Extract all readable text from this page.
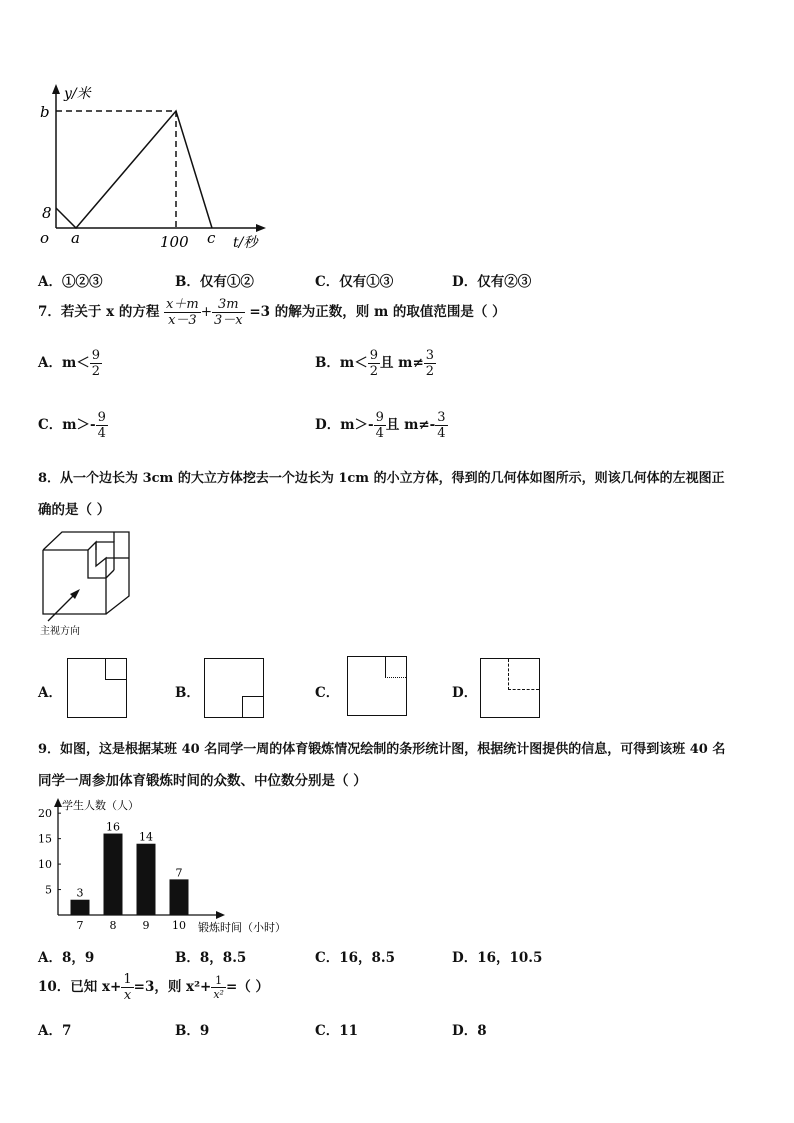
y/米
b
8
o a	100 c t/秒
A．①②③	B．仅有①②	C．仅有①③	D．仅有②③
7．若关于 x 的方程 $\frac{x+m}{x-3} + \frac{3m}{3-x} =3$ 的解为正数，则 m 的取值范围是（ ）
A．$m< \frac{9}{2}$	B．$m< \frac{9}{2}$ 且 $m\ne \frac{3}{2}$
C．$m>- \frac{9}{4}$	D．$m>- \frac{9}{4}$ 且 $m\ne- \frac{3}{4}$
8．从一个边长为 3cm 的大立方体挖去一个边长为 1cm 的小立方体，得到的几何体如图所示，则该几何体的左视图正
确的是（ ）
主视方向
A．	B．	C．	D．
9．如图，这是根据某班 40 名同学一周的体育锻炼情况绘制的条形统计图，根据统计图提供的信息，可得到该班 40 名
同学一周参加体育锻炼时间的众数、中位数分别是（ ）
学生人数（人）
锻炼时间（小时）
5
10
15
20
3
7
16
8
14
9
7
10
A．8，9	B．8，8.5	C．16，8.5	D．16，10.5
10．已知 $x+ \frac{1}{x} =3$，则 $x^2+ \frac{1}{\text{x²}}$ =（ ）
A．7	B．9	C．11	D．8
